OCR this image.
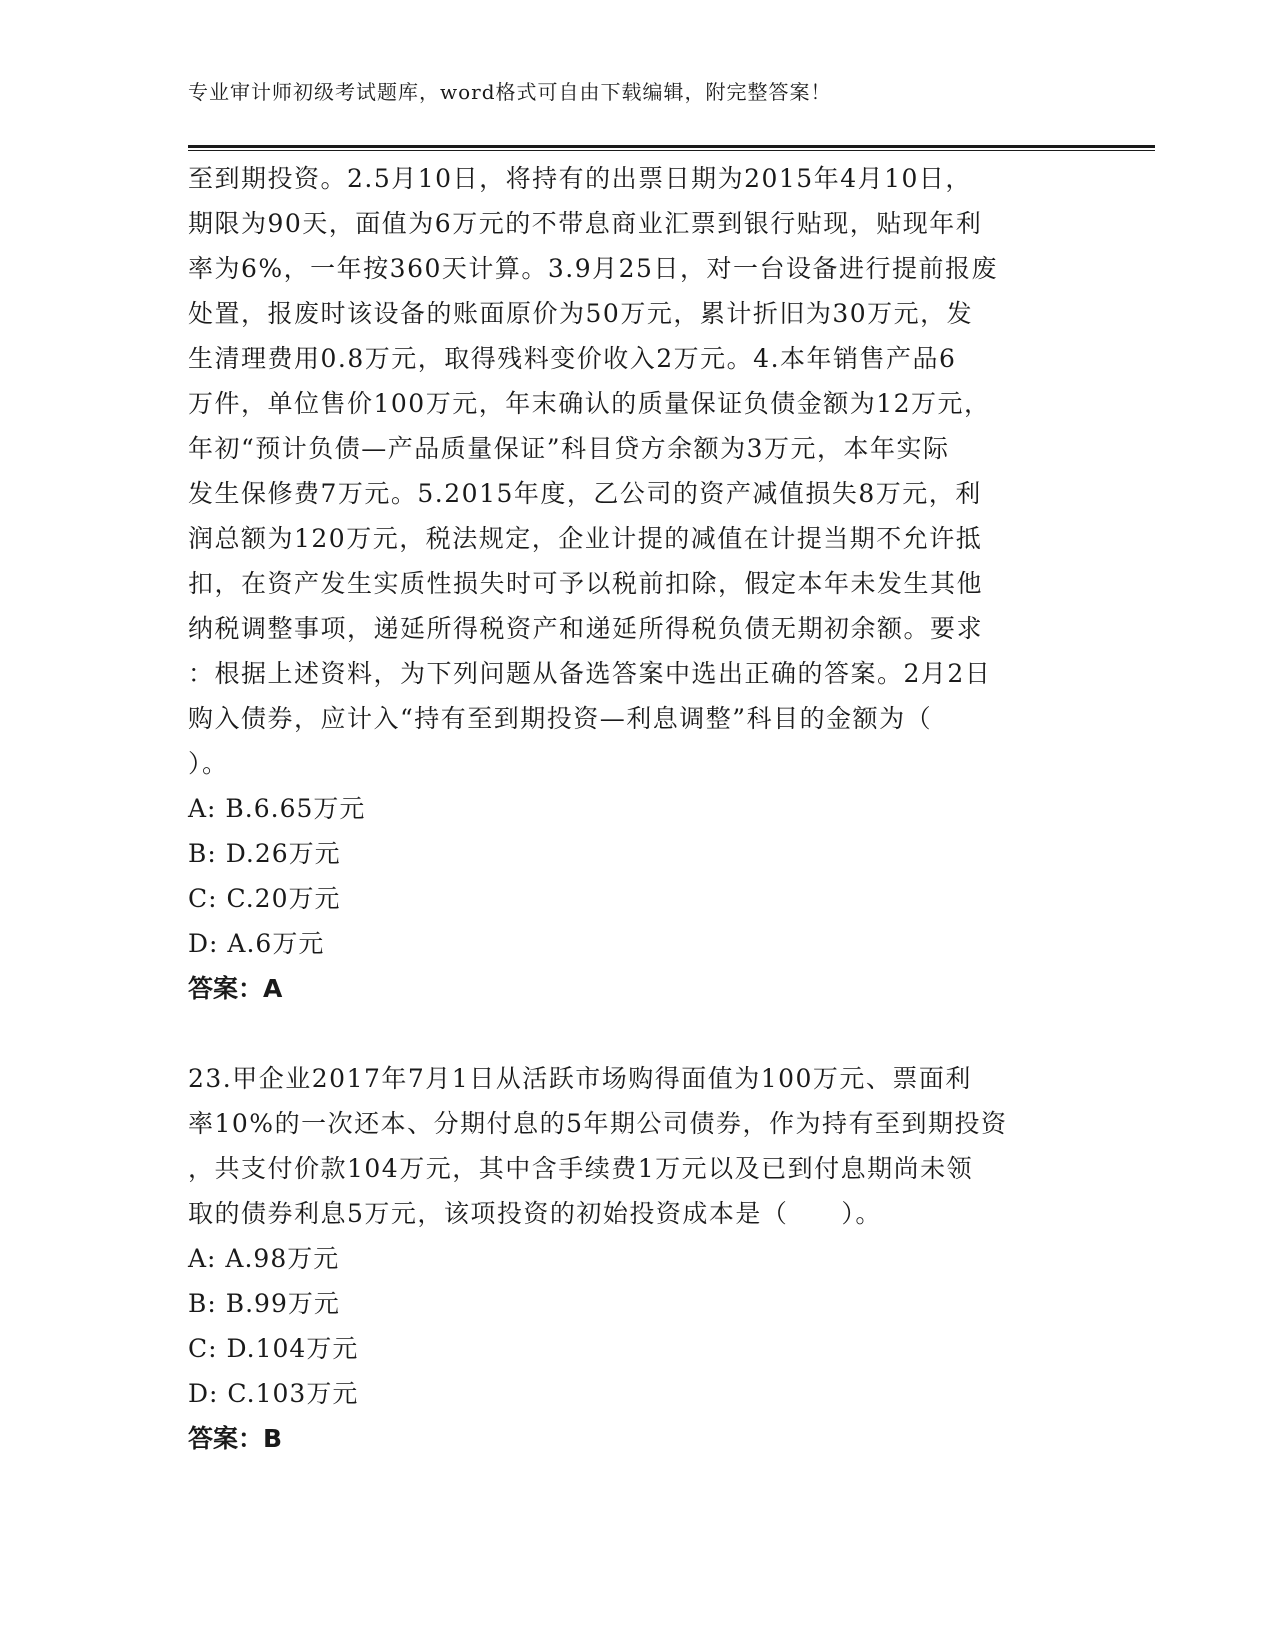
专业审计师初级考试题库，word格式可自由下载编辑，附完整答案！
至到期投资。2.5月10日，将持有的出票日期为2015年4月10日，
期限为90天，面值为6万元的不带息商业汇票到银行贴现，贴现年利
率为6%，一年按360天计算。3.9月25日，对一台设备进行提前报废
处置，报废时该设备的账面原价为50万元，累计折旧为30万元，发
生清理费用0.8万元，取得残料变价收入2万元。4.本年销售产品6
万件，单位售价100万元，年末确认的质量保证负债金额为12万元，
年初“预计负债—产品质量保证”科目贷方余额为3万元，本年实际
发生保修费7万元。5.2015年度，乙公司的资产减值损失8万元，利
润总额为120万元，税法规定，企业计提的减值在计提当期不允许抵
扣，在资产发生实质性损失时可予以税前扣除，假定本年未发生其他
纳税调整事项，递延所得税资产和递延所得税负债无期初余额。要求
：根据上述资料，为下列问题从备选答案中选出正确的答案。2月2日
购入债券，应计入“持有至到期投资—利息调整”科目的金额为（
）。
A: B.6.65万元
B: D.26万元
C: C.20万元
D: A.6万元
答案：A
23.甲企业2017年7月1日从活跃市场购得面值为100万元、票面利
率10%的一次还本、分期付息的5年期公司债券，作为持有至到期投资
，共支付价款104万元，其中含手续费1万元以及已到付息期尚未领
取的债券利息5万元，该项投资的初始投资成本是（　　）。
A: A.98万元
B: B.99万元
C: D.104万元
D: C.103万元
答案：B
